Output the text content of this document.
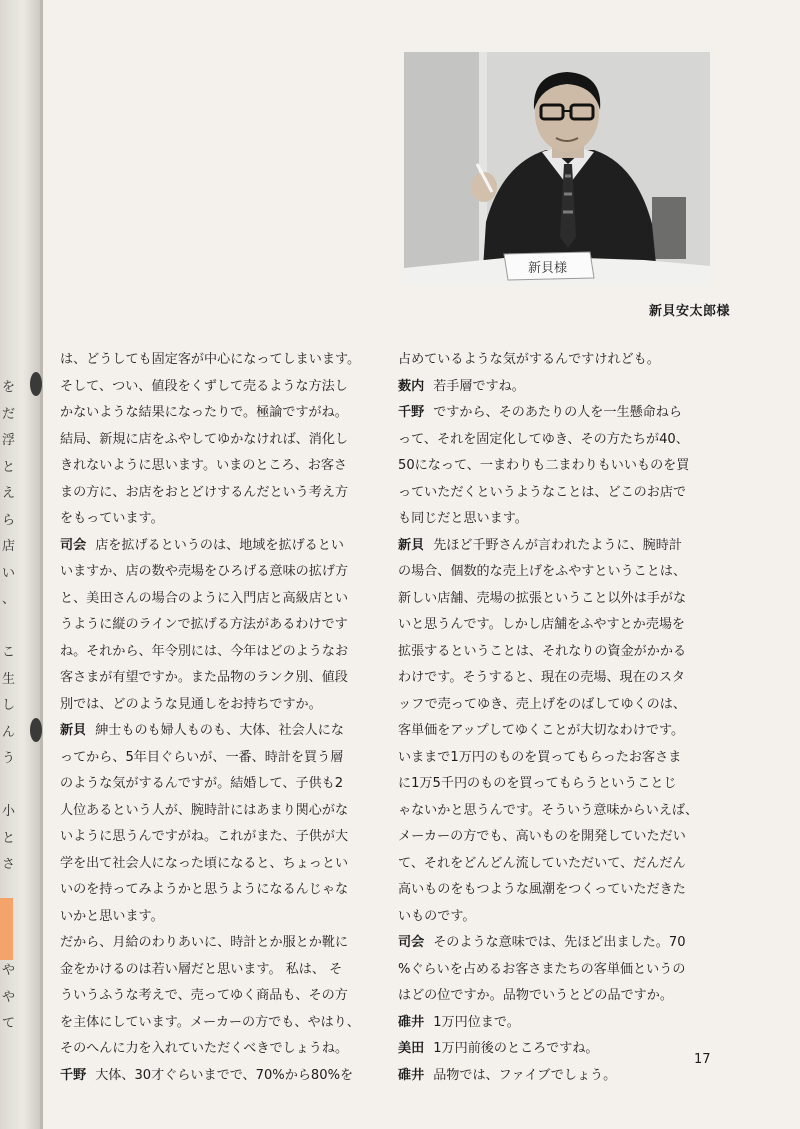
を
だ
浮
と
え
ら
店
い
、
こ
生
し
ん
う
小
と
さ
や
や
て
新貝様
新貝安太郎様
は、どうしても固定客が中心になってしまいます。
そして、つい、値段をくずして売るような方法し
かないような結果になったりで。極論ですがね。
結局、新規に店をふやしてゆかなければ、消化し
きれないように思います。いまのところ、お客さ
まの方に、お店をおとどけするんだという考え方
をもっています。
司会 店を拡げるというのは、地域を拡げるとい
いますか、店の数や売場をひろげる意味の拡げ方
と、美田さんの場合のように入門店と高級店とい
うように縦のラインで拡げる方法があるわけです
ね。それから、年令別には、今年はどのようなお
客さまが有望ですか。また品物のランク別、値段
別では、どのような見通しをお持ちですか。
新貝 紳士ものも婦人ものも、大体、社会人にな
ってから、5年目ぐらいが、一番、時計を買う層
のような気がするんですが。結婚して、子供も2
人位あるという人が、腕時計にはあまり関心がな
いように思うんですがね。これがまた、子供が大
学を出て社会人になった頃になると、ちょっとい
いのを持ってみようかと思うようになるんじゃな
いかと思います。
だから、月給のわりあいに、時計とか服とか靴に
金をかけるのは若い層だと思います。 私は、 そ
ういうふうな考えで、売ってゆく商品も、その方
を主体にしています。メーカーの方でも、やはり、
そのへんに力を入れていただくべきでしょうね。
千野 大体、30才ぐらいまでで、70%から80%を
占めているような気がするんですけれども。
薮内 若手層ですね。
千野 ですから、そのあたりの人を一生懸命ねら
って、それを固定化してゆき、その方たちが40、
50になって、一まわりも二まわりもいいものを買
っていただくというようなことは、どこのお店で
も同じだと思います。
新貝 先ほど千野さんが言われたように、腕時計
の場合、個数的な売上げをふやすということは、
新しい店舗、売場の拡張ということ以外は手がな
いと思うんです。しかし店舗をふやすとか売場を
拡張するということは、それなりの資金がかかる
わけです。そうすると、現在の売場、現在のスタ
ッフで売ってゆき、売上げをのばしてゆくのは、
客単価をアップしてゆくことが大切なわけです。
いままで1万円のものを買ってもらったお客さま
に1万5千円のものを買ってもらうということじ
ゃないかと思うんです。そういう意味からいえば、
メーカーの方でも、高いものを開発していただい
て、それをどんどん流していただいて、だんだん
高いものをもつような風潮をつくっていただきた
いものです。
司会 そのような意味では、先ほど出ました。70
%ぐらいを占めるお客さまたちの客単価というの
はどの位ですか。品物でいうとどの品ですか。
碓井 1万円位まで。
美田 1万円前後のところですね。
碓井 品物では、ファイブでしょう。
17
